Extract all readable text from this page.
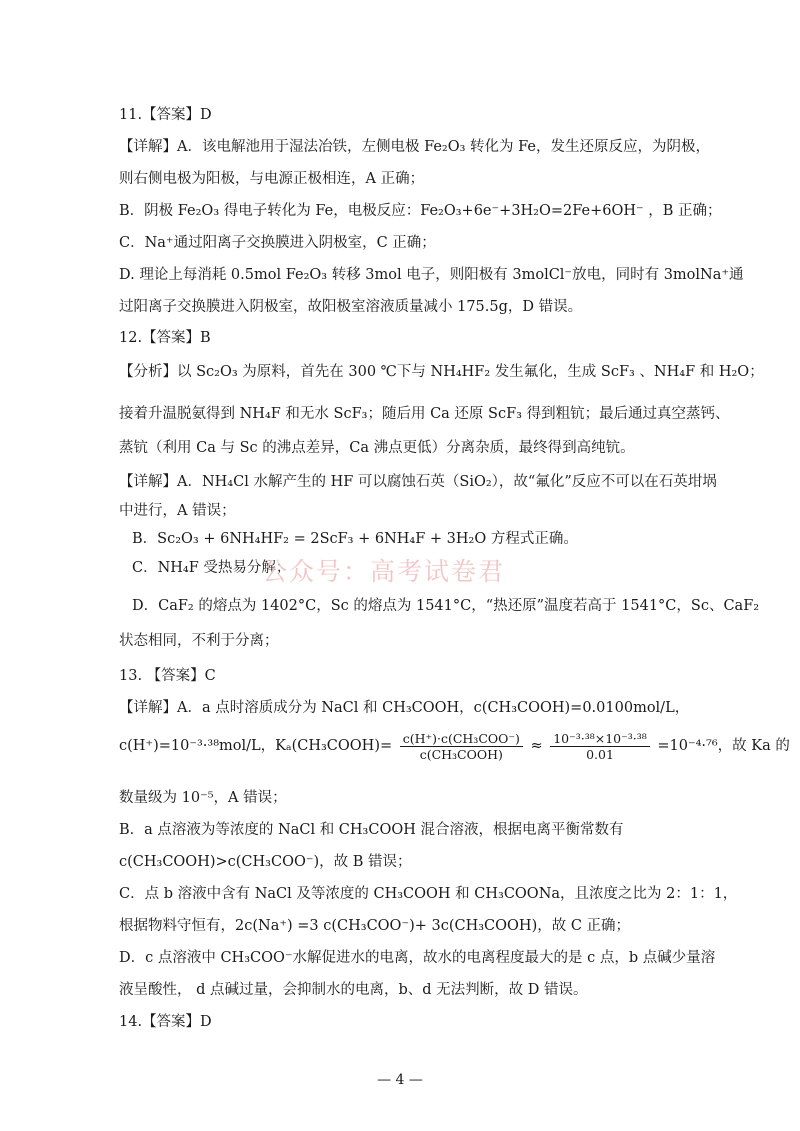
11.【答案】D
【详解】A．该电解池用于湿法冶铁，左侧电极 Fe₂O₃ 转化为 Fe，发生还原反应，为阴极，
则右侧电极为阳极，与电源正极相连，A 正确；
B．阴极 Fe₂O₃ 得电子转化为 Fe，电极反应：Fe₂O₃+6e⁻+3H₂O=2Fe+6OH⁻ ，B 正确；
C．Na⁺通过阳离子交换膜进入阴极室，C 正确；
D. 理论上每消耗 0.5mol Fe₂O₃ 转移 3mol 电子，则阳极有 3molCl⁻放电，同时有 3molNa⁺通
过阳离子交换膜进入阴极室，故阳极室溶液质量减小 175.5g，D 错误。
12.【答案】B
【分析】以 Sc₂O₃ 为原料，首先在 300 ℃下与 NH₄HF₂ 发生氟化，生成 ScF₃ 、NH₄F 和 H₂O；
接着升温脱氨得到 NH₄F 和无水 ScF₃；随后用 Ca 还原 ScF₃ 得到粗钪；最后通过真空蒸钙、
蒸钪（利用 Ca 与 Sc 的沸点差异，Ca 沸点更低）分离杂质，最终得到高纯钪。
【详解】A．NH₄Cl 水解产生的 HF 可以腐蚀石英（SiO₂），故“氟化”反应不可以在石英坩埚
中进行，A 错误；
B．Sc₂O₃ + 6NH₄HF₂ = 2ScF₃ + 6NH₄F + 3H₂O 方程式正确。
C．NH₄F 受热易分解；
公众号：高考试卷君
D．CaF₂ 的熔点为 1402°C，Sc 的熔点为 1541°C，“热还原”温度若高于 1541°C，Sc、CaF₂
状态相同，不利于分离；
13. 【答案】C
【详解】A．a 点时溶质成分为 NaCl 和 CH₃COOH，c(CH₃COOH)=0.0100mol/L，
c(H⁺)=10⁻³·³⁸mol/L，Kₐ(CH₃COOH)= c(H⁺)·c(CH₃COO⁻)
c(CH₃COOH) ≈ $\frac{\text{10⁻³·³⁸×10⁻³·³⁸}}{0.01} =10^{-4}\cdot^{76}$，故 Ka 的
数量级为 10⁻⁵，A 错误；
B．a 点溶液为等浓度的 NaCl 和 CH₃COOH 混合溶液，根据电离平衡常数有
c(CH₃COOH)>c(CH₃COO⁻)，故 B 错误；
C．点 b 溶液中含有 NaCl 及等浓度的 CH₃COOH 和 CH₃COONa，且浓度之比为 2：1：1，
根据物料守恒有，2c(Na⁺) =3 c(CH₃COO⁻)+ 3c(CH₃COOH)，故 C 正确；
D．c 点溶液中 CH₃COO⁻水解促进水的电离，故水的电离程度最大的是 c 点，b 点碱少量溶
液呈酸性， d 点碱过量，会抑制水的电离，b、d 无法判断，故 D 错误。
14.【答案】D
— 4 —
